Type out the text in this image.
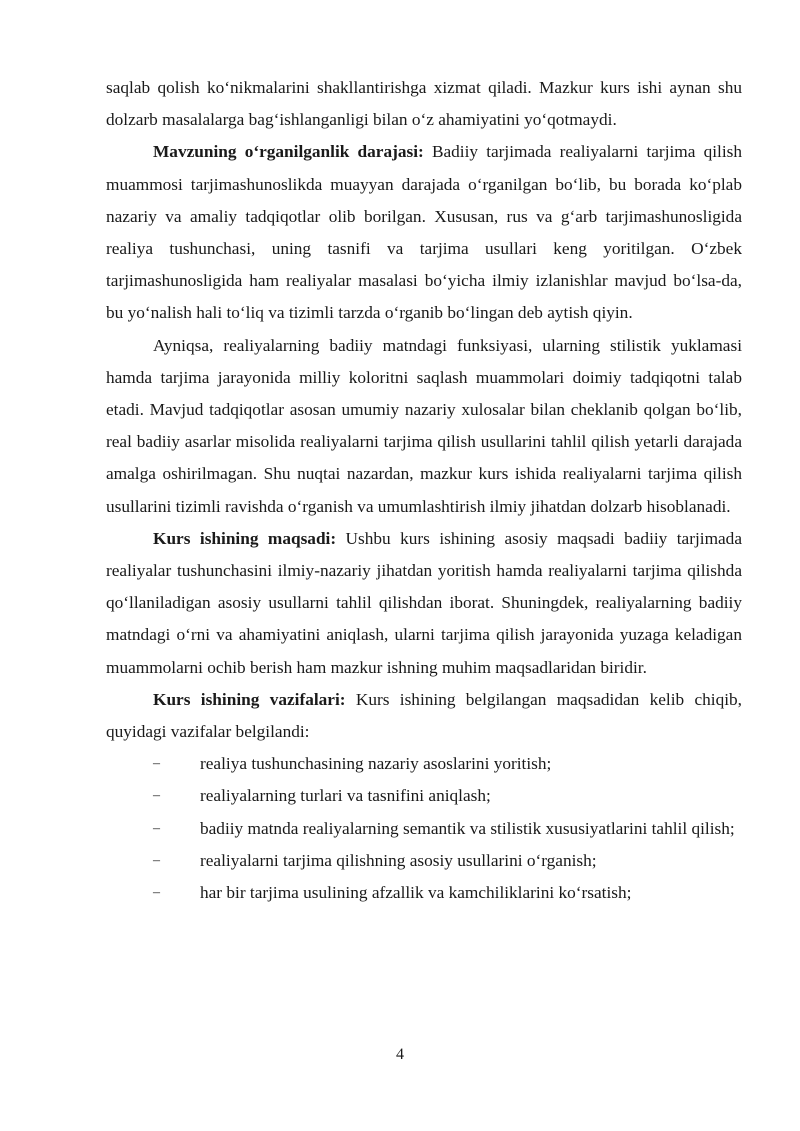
saqlab qolish ko‘nikmalarini shakllantirishga xizmat qiladi. Mazkur kurs ishi aynan shu dolzarb masalalarga bag‘ishlanganligi bilan o‘z ahamiyatini yo‘qotmaydi.

Mavzuning o‘rganilganlik darajasi: Badiiy tarjimada realiyalarni tarjima qilish muammosi tarjimashunoslikda muayyan darajada o‘rganilgan bo‘lib, bu borada ko‘plab nazariy va amaliy tadqiqotlar olib borilgan. Xususan, rus va g‘arb tarjimashunosligida realiya tushunchasi, uning tasnifi va tarjima usullari keng yoritilgan. O‘zbek tarjimashunosligida ham realiyalar masalasi bo‘yicha ilmiy izlanishlar mavjud bo‘lsa-da, bu yo‘nalish hali to‘liq va tizimli tarzda o‘rganib bo‘lingan deb aytish qiyin.

Ayniqsa, realiyalarning badiiy matndagi funksiyasi, ularning stilistik yuklamasi hamda tarjima jarayonida milliy koloritni saqlash muammolari doimiy tadqiqotni talab etadi. Mavjud tadqiqotlar asosan umumiy nazariy xulosalar bilan cheklanib qolgan bo‘lib, real badiiy asarlar misolida realiyalarni tarjima qilish usullarini tahlil qilish yetarli darajada amalga oshirilmagan. Shu nuqtai nazardan, mazkur kurs ishida realiyalarni tarjima qilish usullarini tizimli ravishda o‘rganish va umumlashtirish ilmiy jihatdan dolzarb hisoblanadi.

Kurs ishining maqsadi: Ushbu kurs ishining asosiy maqsadi badiiy tarjimada realiyalar tushunchasini ilmiy-nazariy jihatdan yoritish hamda realiyalarni tarjima qilishda qo‘llaniladigan asosiy usullarni tahlil qilishdan iborat. Shuningdek, realiyalarning badiiy matndagi o‘rni va ahamiyatini aniqlash, ularni tarjima qilish jarayonida yuzaga keladigan muammolarni ochib berish ham mazkur ishning muhim maqsadlaridan biridir.

Kurs ishining vazifalari: Kurs ishining belgilangan maqsadidan kelib chiqib, quyidagi vazifalar belgilandi:

–	realiya tushunchasining nazariy asoslarini yoritish;

–	realiyalarning turlari va tasnifini aniqlash;

–	badiiy matnda realiyalarning semantik va stilistik xususiyatlarini tahlil qilish;

–	realiyalarni tarjima qilishning asosiy usullarini o‘rganish;

–	har bir tarjima usulining afzallik va kamchiliklarini ko‘rsatish;

4
